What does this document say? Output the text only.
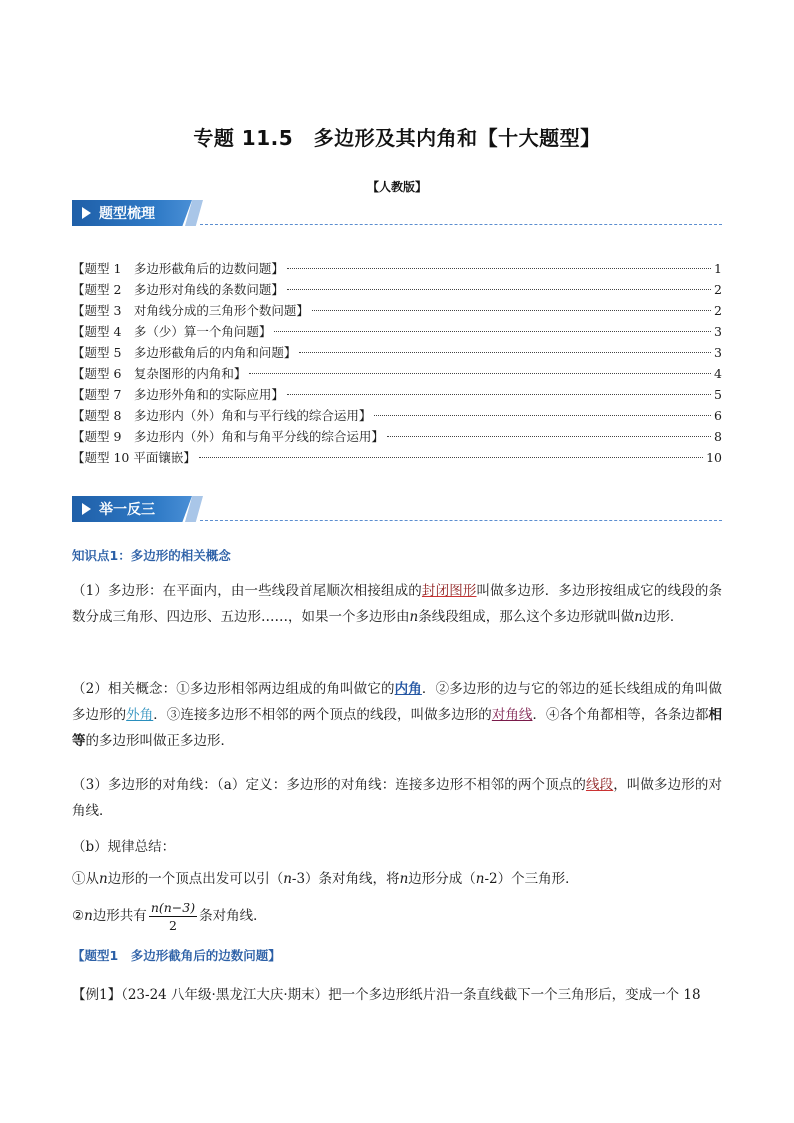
专题 11.5　多边形及其内角和【十大题型】
【人教版】
题型梳理
【题型 1　多边形截角后的边数问题】	1
【题型 2　多边形对角线的条数问题】	2
【题型 3　对角线分成的三角形个数问题】	2
【题型 4　多（少）算一个角问题】	3
【题型 5　多边形截角后的内角和问题】	3
【题型 6　复杂图形的内角和】	4
【题型 7　多边形外角和的实际应用】	5
【题型 8　多边形内（外）角和与平行线的综合运用】	6
【题型 9　多边形内（外）角和与角平分线的综合运用】	8
【题型 10 平面镶嵌】	10
举一反三
知识点1：多边形的相关概念
（1）多边形：在平面内，由一些线段首尾顺次相接组成的封闭图形叫做多边形．多边形按组成它的线段的条数分成三角形、四边形、五边形……，如果一个多边形由n条线段组成，那么这个多边形就叫做n边形．
（2）相关概念：①多边形相邻两边组成的角叫做它的内角．②多边形的边与它的邻边的延长线组成的角叫做多边形的外角．③连接多边形不相邻的两个顶点的线段，叫做多边形的对角线．④各个角都相等，各条边都相等的多边形叫做正多边形．
（3）多边形的对角线：（a）定义：多边形的对角线：连接多边形不相邻的两个顶点的线段，叫做多边形的对角线．
（b）规律总结：
①从n边形的一个顶点出发可以引（n-3）条对角线，将n边形分成（n-2）个三角形．
②n边形共有 $\frac{n(n-3)}{2}$ 条对角线．
【题型1　多边形截角后的边数问题】
【例1】（23-24 八年级·黑龙江大庆·期末）把一个多边形纸片沿一条直线截下一个三角形后，变成一个 18
